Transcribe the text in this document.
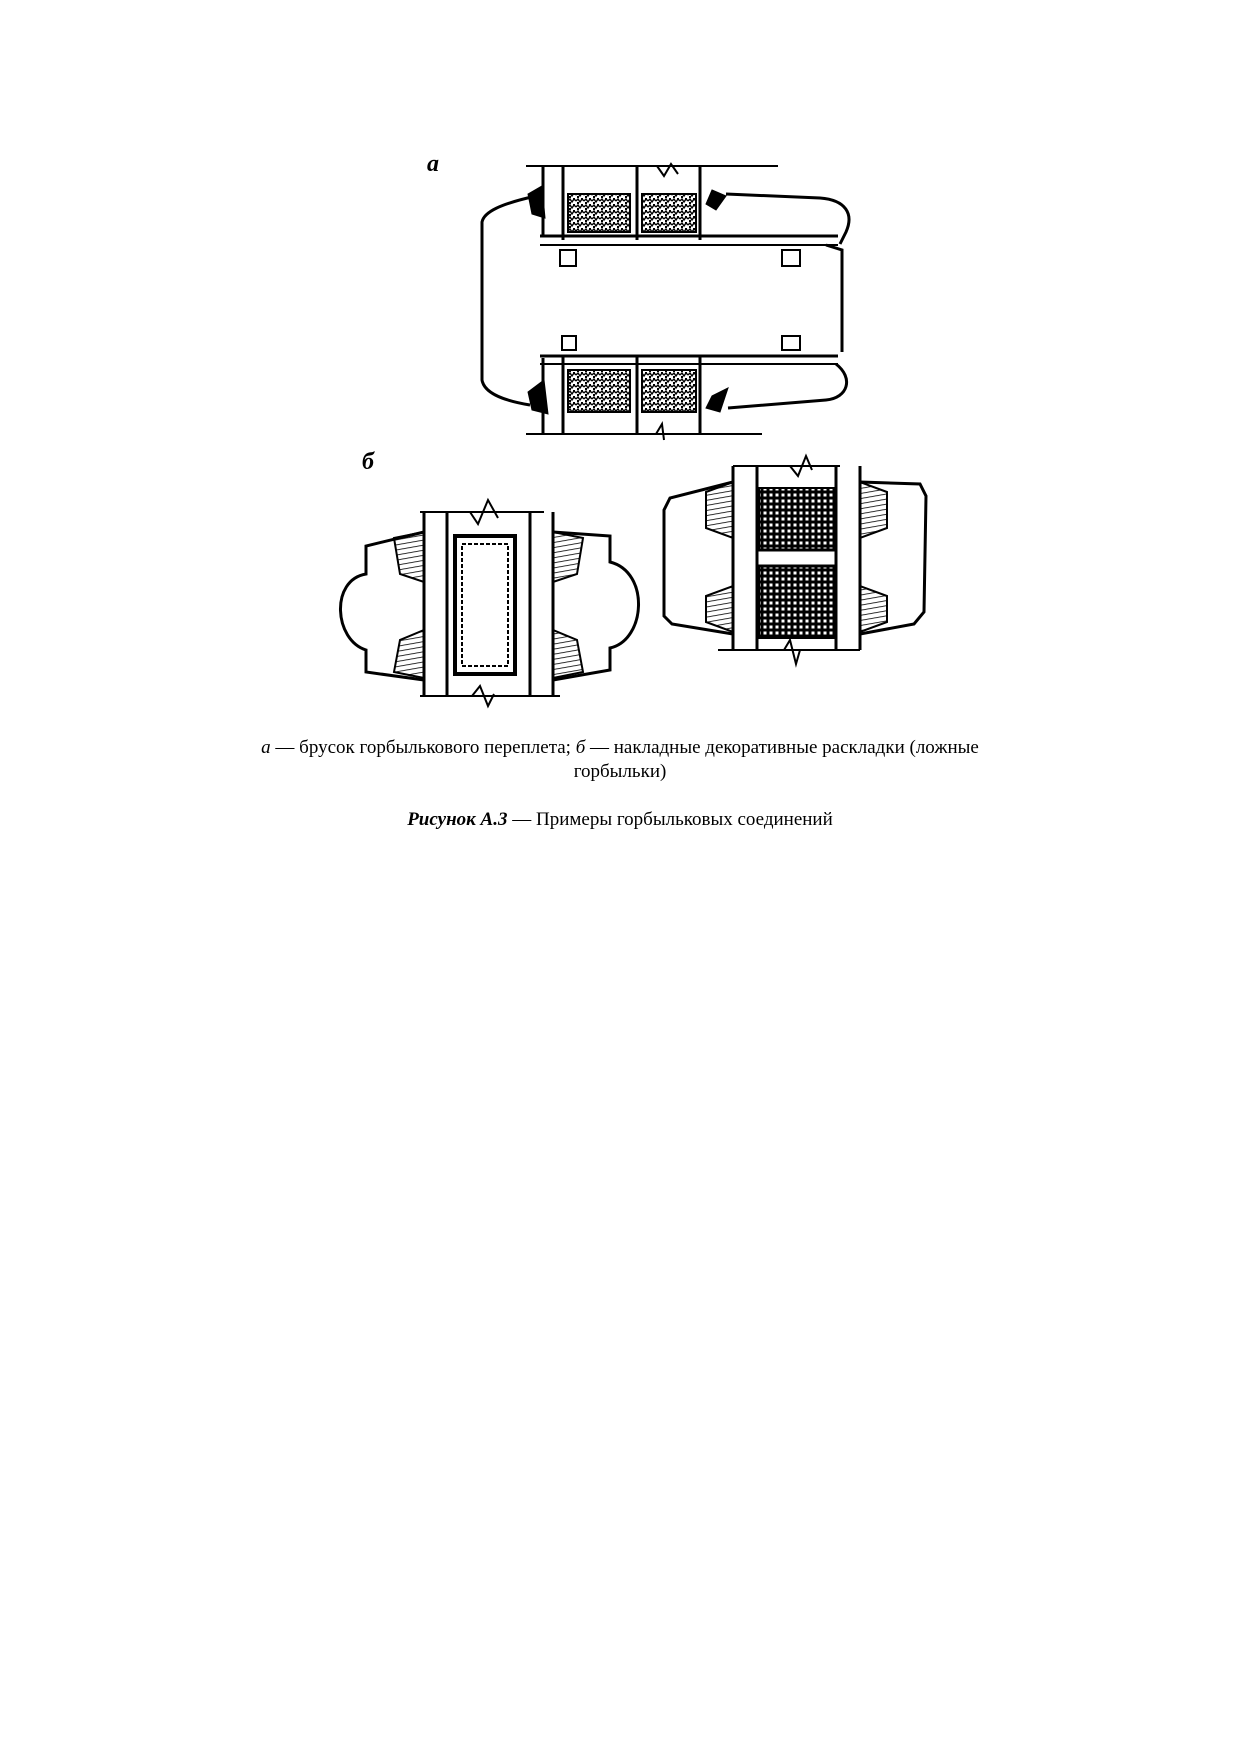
а
б
а — брусок горбылькового переплета; б — накладные декоративные раскладки (ложные горбыльки)
Рисунок А.3 — Примеры горбыльковых соединений
